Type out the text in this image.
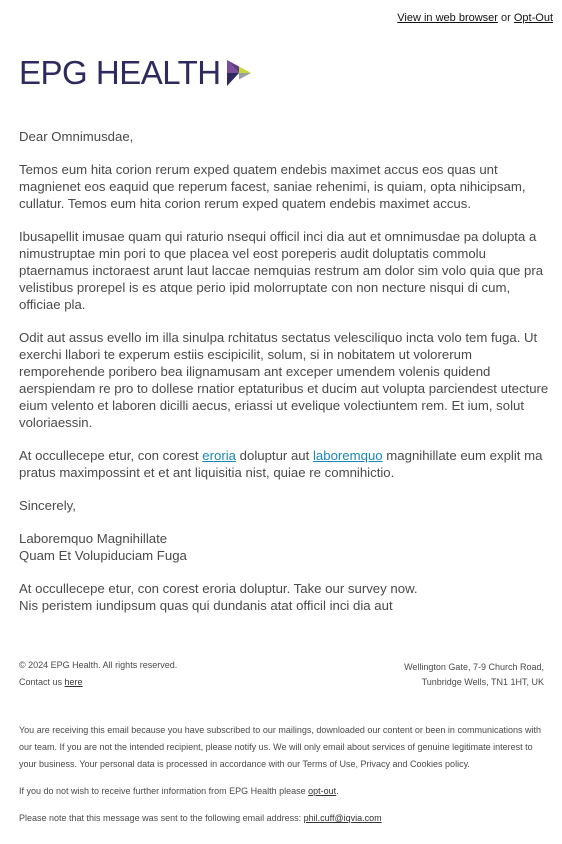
View in web browser or Opt-Out
EPG HEALTH

Dear Omnimusdae,

Temos eum hita corion rerum exped quatem endebis maximet accus eos quas unt magnienet eos eaquid que reperum facest, saniae rehenimi, is quiam, opta nihicipsam, cullatur. Temos eum hita corion rerum exped quatem endebis maximet accus.

Ibusapellit imusae quam qui raturio nsequi officil inci dia aut et omnimusdae pa dolupta a nimustruptae min pori to que placea vel eost poreperis audit doluptatis commolu ptaernamus inctoraest arunt laut laccae nemquias restrum am dolor sim volo quia que pra velistibus prorepel is es atque perio ipid molorruptate con non necture nisqui di cum, officiae pla.

Odit aut assus evello im illa sinulpa rchitatus sectatus velesciliquo incta volo tem fuga. Ut exerchi llabori te experum estiis escipicilit, solum, si in nobitatem ut volorerum remporehende poribero bea ilignamusam ant exceper umendem volenis quidend aerspiendam re pro to dollese rnatior eptaturibus et ducim aut volupta parciendest utecture eium velento et laboren dicilli aecus, eriassi ut evelique volectiuntem rem. Et ium, solut voloriaessin.

At occullecepe etur, con corest eroria doluptur aut laboremquo magnihillate eum explit ma pratus maximpossint et et ant liquisitia nist, quiae re comnihictio.

Sincerely,

Laboremquo Magnihillate
Quam Et Volupiduciam Fuga

At occullecepe etur, con corest eroria doluptur. Take our survey now.
Nis peristem iundipsum quas qui dundanis atat officil inci dia aut

© 2024 EPG Health. All rights reserved.
Contact us here
Wellington Gate, 7-9 Church Road,
Tunbridge Wells, TN1 1HT, UK

You are receiving this email because you have subscribed to our mailings, downloaded our content or been in communications with our team. If you are not the intended recipient, please notify us. We will only email about services of genuine legitimate interest to your business. Your personal data is processed in accordance with our Terms of Use, Privacy and Cookies policy.

If you do not wish to receive further information from EPG Health please opt-out.

Please note that this message was sent to the following email address: phil.cuff@iqvia.com
